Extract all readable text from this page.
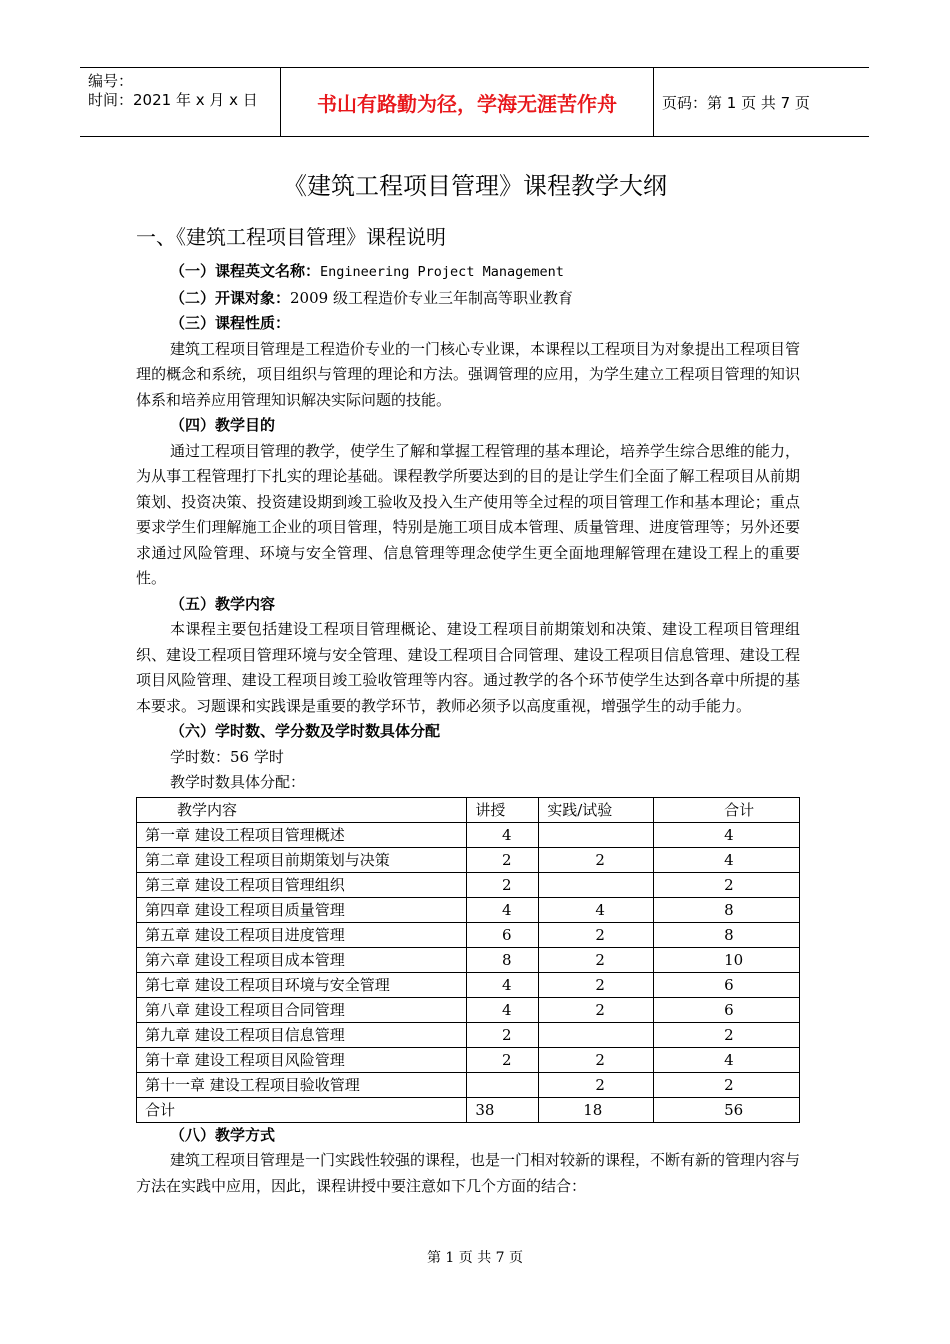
编号：
时间：2021 年 x 月 x 日	书山有路勤为径，学海无涯苦作舟	页码：第 1 页 共 7 页
《建筑工程项目管理》课程教学大纲
一、《建筑工程项目管理》课程说明

（一）课程英文名称：Engineering Project Management

（二）开课对象：2009 级工程造价专业三年制高等职业教育

（三）课程性质：

建筑工程项目管理是工程造价专业的一门核心专业课，本课程以工程项目为对象提出工程项目管理的概念和系统，项目组织与管理的理论和方法。强调管理的应用，为学生建立工程项目管理的知识体系和培养应用管理知识解决实际问题的技能。

（四）教学目的

通过工程项目管理的教学，使学生了解和掌握工程管理的基本理论，培养学生综合思维的能力，为从事工程管理打下扎实的理论基础。课程教学所要达到的目的是让学生们全面了解工程项目从前期策划、投资决策、投资建设期到竣工验收及投入生产使用等全过程的项目管理工作和基本理论；重点要求学生们理解施工企业的项目管理，特别是施工项目成本管理、质量管理、进度管理等；另外还要求通过风险管理、环境与安全管理、信息管理等理念使学生更全面地理解管理在建设工程上的重要性。

（五）教学内容

本课程主要包括建设工程项目管理概论、建设工程项目前期策划和决策、建设工程项目管理组织、建设工程项目管理环境与安全管理、建设工程项目合同管理、建设工程项目信息管理、建设工程项目风险管理、建设工程项目竣工验收管理等内容。通过教学的各个环节使学生达到各章中所提的基本要求。习题课和实践课是重要的教学环节，教师必须予以高度重视，增强学生的动手能力。

（六）学时数、学分数及学时数具体分配

学时数：56 学时

教学时数具体分配：

教学内容	讲授	实践/试验	合计
第一章 建设工程项目管理概述	4		4
第二章 建设工程项目前期策划与决策	2	2	4
第三章 建设工程项目管理组织	2		2
第四章 建设工程项目质量管理	4	4	8
第五章 建设工程项目进度管理	6	2	8
第六章 建设工程项目成本管理	8	2	10
第七章 建设工程项目环境与安全管理	4	2	6
第八章 建设工程项目合同管理	4	2	6
第九章 建设工程项目信息管理	2		2
第十章 建设工程项目风险管理	2	2	4
第十一章 建设工程项目验收管理		2	2
合计	38	18	56

（八）教学方式

建筑工程项目管理是一门实践性较强的课程，也是一门相对较新的课程，不断有新的管理内容与方法在实践中应用，因此，课程讲授中要注意如下几个方面的结合：

第 1 页 共 7 页
